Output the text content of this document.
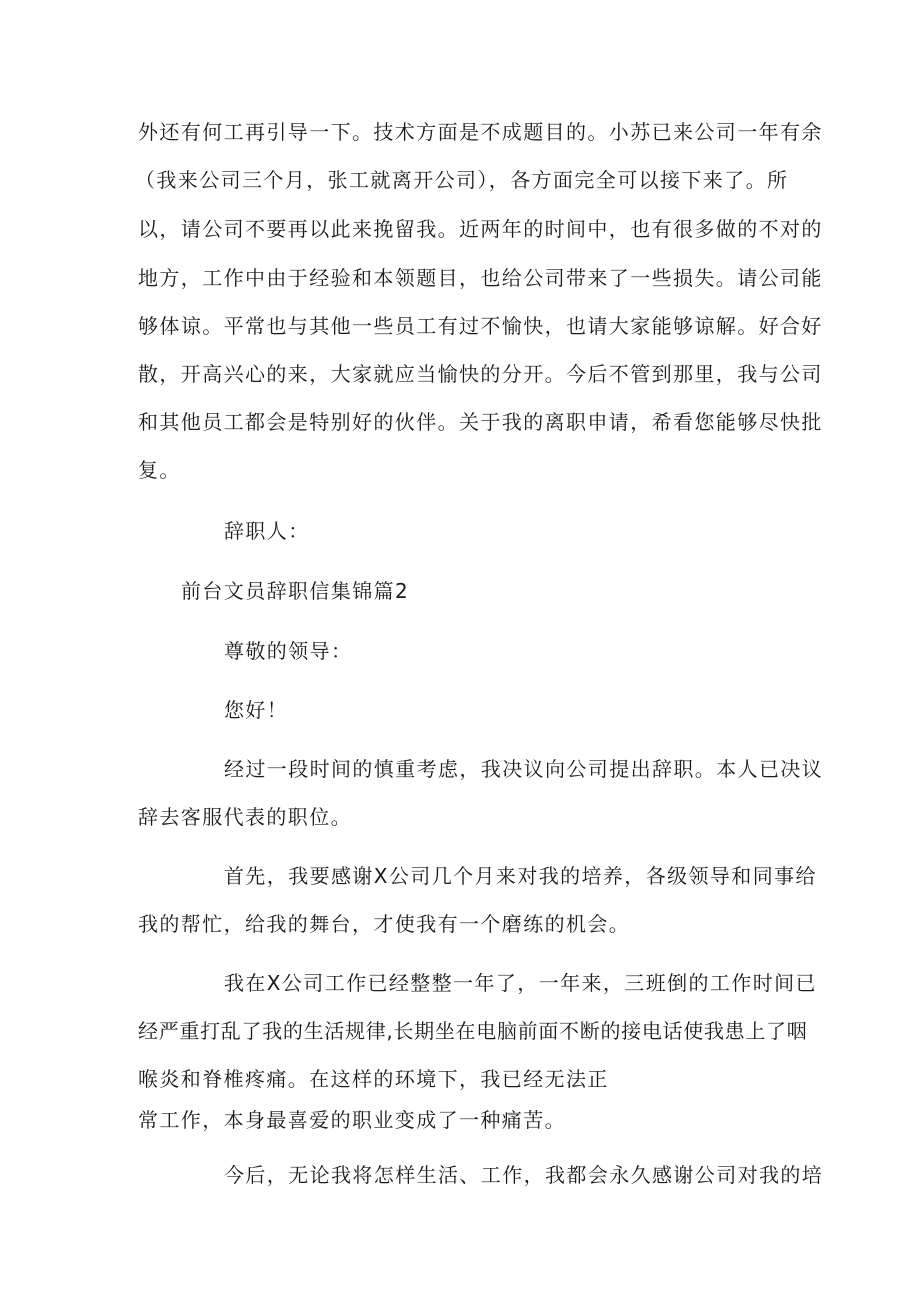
外还有何工再引导一下。技术方面是不成题目的。小苏已来公司一年有余
（我来公司三个月，张工就离开公司），各方面完全可以接下来了。所
以，请公司不要再以此来挽留我。近两年的时间中，也有很多做的不对的
地方，工作中由于经验和本领题目，也给公司带来了一些损失。请公司能
够体谅。平常也与其他一些员工有过不愉快，也请大家能够谅解。好合好
散，开高兴心的来，大家就应当愉快的分开。今后不管到那里，我与公司
和其他员工都会是特别好的伙伴。关于我的离职申请，希看您能够尽快批
复。
辞职人：
前台文员辞职信集锦篇2
尊敬的领导：
您好！
经过一段时间的慎重考虑，我决议向公司提出辞职。本人已决议
辞去客服代表的职位。
首先，我要感谢X公司几个月来对我的培养，各级领导和同事给
我的帮忙，给我的舞台，才使我有一个磨练的机会。
我在X公司工作已经整整一年了，一年来，三班倒的工作时间已
经严重打乱了我的生活规律,长期坐在电脑前面不断的接电话使我患上了咽
喉炎和脊椎疼痛。在这样的环境下，我已经无法正
常工作，本身最喜爱的职业变成了一种痛苦。
今后，无论我将怎样生活、工作，我都会永久感谢公司对我的培
